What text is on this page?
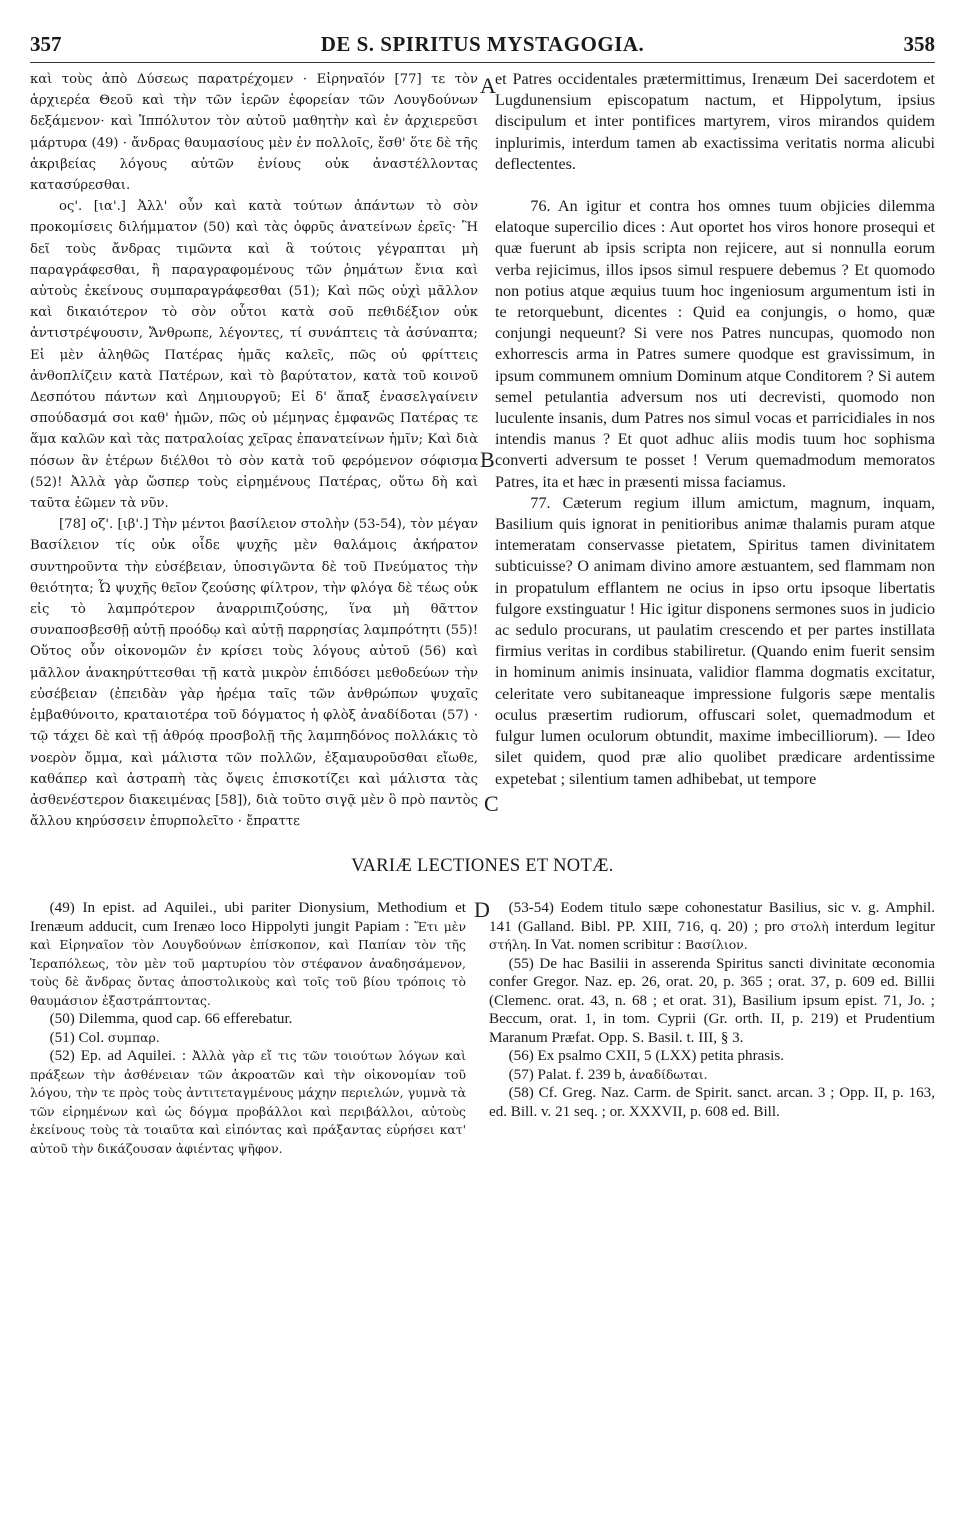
357	DE S. SPIRITUS MYSTAGOGIA.	358

καὶ τοὺς ἀπὸ Δύσεως παρατρέχομεν · Εἰρηναῖόν [77] τε τὸν ἀρχιερέα Θεοῦ καὶ τὴν τῶν ἱερῶν ἐφορείαν τῶν Λουγδούνων δεξάμενον· καὶ Ἱππόλυτον τὸν αὐτοῦ μαθητὴν καὶ ἐν ἀρχιερεῦσι μάρτυρα (49) · ἄνδρας θαυμασίους μὲν ἐν πολλοῖς, ἔσθ' ὅτε δὲ τῆς ἀκριβείας λόγους αὐτῶν ἐνίους οὐκ ἀναστέλλοντας κατασύρεσθαι.

ος'. [ια'.] Ἀλλ' οὖν καὶ κατὰ τούτων ἁπάντων τὸ σὸν προκομίσεις διλήμματον (50) καὶ τὰς ὀφρῦς ἀνατείνων ἐρεῖς· Ἢ δεῖ τοὺς ἄνδρας τιμῶντα καὶ ἃ τούτοις γέγραπται μὴ παραγράφεσθαι, ἢ παραγραφομένους τῶν ῥημάτων ἔνια καὶ αὐτοὺς ἐκείνους συμπαραγράφεσθαι (51); Καὶ πῶς οὐχὶ μᾶλλον καὶ δικαιότερον τὸ σὸν οὗτοι κατὰ σοῦ πεθιδέξιον οὐκ ἀντιστρέψουσιν, Ἄνθρωπε, λέγοντες, τί συνάπτεις τὰ ἀσύναπτα; Εἰ μὲν ἀληθῶς Πατέρας ἡμᾶς καλεῖς, πῶς οὐ φρίττεις ἀνθοπλίζειν κατὰ Πατέρων, καὶ τὸ βαρύτατον, κατὰ τοῦ κοινοῦ Δεσπότου πάντων καὶ Δημιουργοῦ; Εἰ δ' ἅπαξ ἐνασελγαίνειν σπούδασμά σοι καθ' ἡμῶν, πῶς οὐ μέμηνας ἐμφανῶς Πατέρας τε ἅμα καλῶν καὶ τὰς πατραλοίας χεῖρας ἐπανατείνων ἡμῖν; Καὶ διὰ πόσων ἂν ἑτέρων διέλθοι τὸ σὸν κατὰ τοῦ φερόμενον σόφισμα (52)! Ἀλλὰ γὰρ ὥσπερ τοὺς εἰρημένους Πατέρας, οὕτω δὴ καὶ ταῦτα ἐῶμεν τὰ νῦν.

[78] οζ'. [ιβ'.] Τὴν μέντοι βασίλειον στολὴν (53-54), τὸν μέγαν Βασίλειον τίς οὐκ οἶδε ψυχῆς μὲν θαλάμοις ἀκήρατον συντηροῦντα τὴν εὐσέβειαν, ὑποσιγῶντα δὲ τοῦ Πνεύματος τὴν θειότητα; Ὦ ψυχῆς θεῖον ζεούσης φίλτρον, τὴν φλόγα δὲ τέως οὐκ εἰς τὸ λαμπρότερον ἀναρριπιζούσης, ἵνα μὴ θᾶττον συναποσβεσθῇ αὐτῇ προόδῳ καὶ αὐτῇ παρρησίας λαμπρότητι (55)! Οὕτος οὖν οἰκονομῶν ἐν κρίσει τοὺς λόγους αὐτοῦ (56) καὶ μᾶλλον ἀνακηρύττεσθαι τῇ κατὰ μικρὸν ἐπιδόσει μεθοδεύων τὴν εὐσέβειαν (ἐπειδὰν γὰρ ἠρέμα ταῖς τῶν ἀνθρώπων ψυχαῖς ἐμβαθύνοιτο, κραταιοτέρα τοῦ δόγματος ἡ φλὸξ ἀναδίδοται (57) · τῷ τάχει δὲ καὶ τῇ ἀθρόᾳ προσβολῇ τῆς λαμπηδόνος πολλάκις τὸ νοερὸν ὄμμα, καὶ μάλιστα τῶν πολλῶν, ἐξαμαυροῦσθαι εἴωθε, καθάπερ καὶ ἀστραπὴ τὰς ὄψεις ἐπισκοτίζει καὶ μάλιστα τὰς ἀσθενέστερον διακειμένας [58]), διὰ τοῦτο σιγᾷ μὲν ὃ πρὸ παντὸς ἄλλου κηρύσσειν ἐπυρπολεῖτο · ἔπραττε

et Patres occidentales prætermittimus, Irenæum Dei sacerdotem et Lugdunensium episcopatum nactum, et Hippolytum, ipsius discipulum et inter pontifices martyrem, viros mirandos quidem inplurimis, interdum tamen ab exactissima veritatis norma alicubi deflectentes.

76. An igitur et contra hos omnes tuum objicies dilemma elatoque supercilio dices : Aut oportet hos viros honore prosequi et quæ fuerunt ab ipsis scripta non rejicere, aut si nonnulla eorum verba rejicimus, illos ipsos simul respuere debemus ? Et quomodo non potius atque æquius tuum hoc ingeniosum argumentum isti in te retorquebunt, dicentes : Quid ea conjungis, o homo, quæ conjungi nequeunt? Si vere nos Patres nuncupas, quomodo non exhorrescis arma in Patres sumere quodque est gravissimum, in ipsum communem omnium Dominum atque Conditorem ? Si autem semel petulantia adversum nos uti decrevisti, quomodo non luculente insanis, dum Patres nos simul vocas et parricidiales in nos intendis manus ? Et quot adhuc aliis modis tuum hoc sophisma converti adversum te posset ! Verum quemadmodum memoratos Patres, ita et hæc in præsenti missa faciamus.

77. Cæterum regium illum amictum, magnum, inquam, Basilium quis ignorat in penitioribus animæ thalamis puram atque intemeratam conservasse pietatem, Spiritus tamen divinitatem subticuisse? O animam divino amore æstuantem, sed flammam non in propatulum efflantem ne ocius in ipso ortu ipsoque libertatis fulgore exstinguatur ! Hic igitur disponens sermones suos in judicio ac sedulo procurans, ut paulatim crescendo et per partes instillata firmius veritas in cordibus stabiliretur. (Quando enim fuerit sensim in hominum animis insinuata, validior flamma dogmatis excitatur, celeritate vero subitaneaque impressione fulgoris sæpe mentalis oculus præsertim rudiorum, offuscari solet, quemadmodum et fulgur lumen oculorum obtundit, maxime imbecilliorum). — Ideo silet quidem, quod præ alio quolibet prædicare ardentissime expetebat ; silentium tamen adhibebat, ut tempore

A
B
C
VARIÆ LECTIONES ET NOTÆ.

(49) In epist. ad Aquilei., ubi pariter Dionysium, Methodium et Irenæum adducit, cum Irenæo loco Hippolyti jungit Papiam : Ἔτι μὲν καὶ Εἰρηναῖον τὸν Λουγδούνων ἐπίσκοπον, καὶ Παπίαν τὸν τῆς Ἱεραπόλεως, τὸν μὲν τοῦ μαρτυρίου τὸν στέφανον ἀναδησάμενον, τοὺς δὲ ἄνδρας ὄντας ἀποστολικοὺς καὶ τοῖς τοῦ βίου τρόποις τὸ θαυμάσιον ἐξαστράπτοντας.

(50) Dilemma, quod cap. 66 efferebatur.

(51) Col. συμπαρ.

(52) Ep. ad Aquilei. : Ἀλλὰ γὰρ εἴ τις τῶν τοιούτων λόγων καὶ πράξεων τὴν ἀσθένειαν τῶν ἀκροατῶν καὶ τὴν οἰκονομίαν τοῦ λόγου, τὴν τε πρὸς τοὺς ἀντιτεταγμένους μάχην περιελών, γυμνὰ τὰ τῶν εἰρημένων καὶ ὡς δόγμα προβάλλοι καὶ περιβάλλοι, αὐτοὺς ἐκείνους τοὺς τὰ τοιαῦτα καὶ εἰπόντας καὶ πράξαντας εὑρήσει κατ' αὐτοῦ τὴν δικάζουσαν ἀφιέντας ψῆφον.

(53-54) Eodem titulo sæpe cohonestatur Basilius, sic v. g. Amphil. 141 (Galland. Bibl. PP. XIII, 716, q. 20) ; pro στολὴ interdum legitur στήλη. In Vat. nomen scribitur : Βασίλιον.

(55) De hac Basilii in asserenda Spiritus sancti divinitate œconomia confer Gregor. Naz. ep. 26, orat. 20, p. 365 ; orat. 37, p. 609 ed. Billii (Clemenc. orat. 43, n. 68 ; et orat. 31), Basilium ipsum epist. 71, Jo. ; Beccum, orat. 1, in tom. Cyprii (Gr. orth. II, p. 219) et Prudentium Maranum Præfat. Opp. S. Basil. t. III, § 3.

(56) Ex psalmo CXII, 5 (LXX) petita phrasis.

(57) Palat. f. 239 b, ἀναδίδωται.

(58) Cf. Greg. Naz. Carm. de Spirit. sanct. arcan. 3 ; Opp. II, p. 163, ed. Bill. v. 21 seq. ; or. XXXVII, p. 608 ed. Bill.

D
